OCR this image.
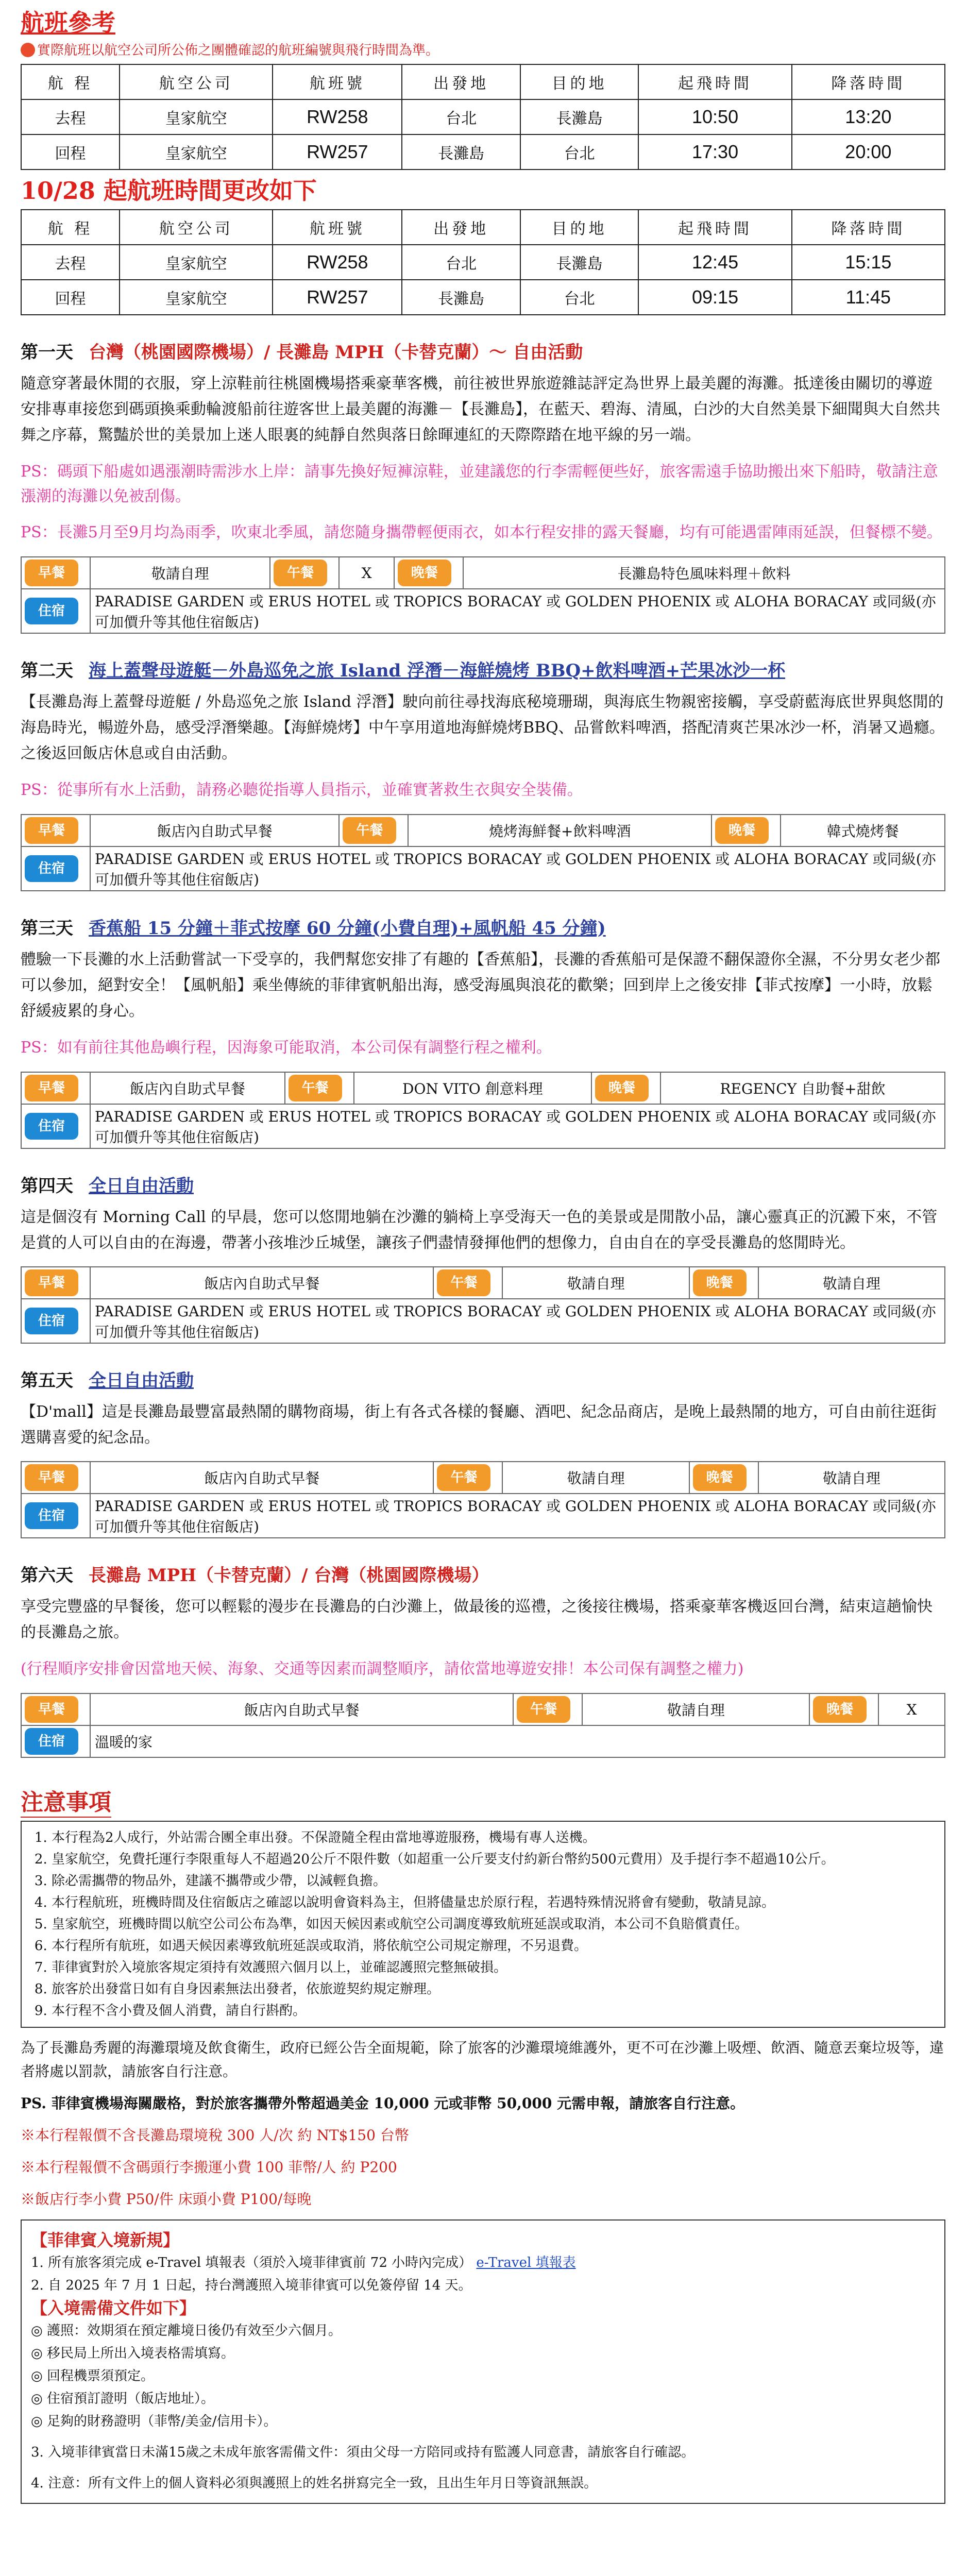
航班參考
實際航班以航空公司所公佈之團體確認的航班編號與飛行時間為準。
航 程	航空公司	航班號	出發地	目的地	起飛時間	降落時間
去程	皇家航空	RW258	台北	長灘島	10:50	13:20
回程	皇家航空	RW257	長灘島	台北	17:30	20:00
10/28 起航班時間更改如下
航 程	航空公司	航班號	出發地	目的地	起飛時間	降落時間
去程	皇家航空	RW258	台北	長灘島	12:45	15:15
回程	皇家航空	RW257	長灘島	台北	09:15	11:45
第一天 台灣（桃園國際機場）/ 長灘島 MPH（卡替克蘭）～ 自由活動

隨意穿著最休閒的衣服，穿上涼鞋前往桃園機場搭乘豪華客機，前往被世界旅遊雜誌評定為世界上最美麗的海灘。抵達後由關切的導遊安排專車接您到碼頭換乘動輪渡船前往遊客世上最美麗的海灘－【長灘島】，在藍天、碧海、清風，白沙的大自然美景下細聞與大自然共舞之序幕，驚豔於世的美景加上迷人眼裏的純靜自然與落日餘暉連紅的天際際踏在地平線的另一端。

PS：碼頭下船處如遇漲潮時需涉水上岸：請事先換好短褲涼鞋，並建議您的行李需輕便些好，旅客需遠手協助搬出來下船時，敬請注意漲潮的海灘以免被刮傷。

PS：長灘5月至9月均為雨季，吹東北季風，請您隨身攜帶輕便雨衣，如本行程安排的露天餐廳，均有可能遇雷陣雨延誤，但餐標不變。

早餐	敬請自理	午餐	X	晚餐	長灘島特色風味料理＋飲料
住宿	PARADISE GARDEN 或 ERUS HOTEL 或 TROPICS BORACAY 或 GOLDEN PHOENIX 或 ALOHA BORACAY 或同級(亦可加價升等其他住宿飯店)				
第二天 海上蓋聲母遊艇－外島巡免之旅 Island 浮潛－海鮮燒烤 BBQ+飲料啤酒+芒果冰沙一杯

【長灘島海上蓋聲母遊艇 / 外島巡免之旅 Island 浮潛】駛向前往尋找海底秘境珊瑚，與海底生物親密接觸，享受蔚藍海底世界與悠閒的海島時光，暢遊外島，感受浮潛樂趣。【海鮮燒烤】中午享用道地海鮮燒烤BBQ、品嘗飲料啤酒，搭配清爽芒果冰沙一杯，消暑又過癮。之後返回飯店休息或自由活動。

PS：從事所有水上活動，請務必聽從指導人員指示，並確實著救生衣與安全裝備。

早餐	飯店內自助式早餐	午餐	燒烤海鮮餐+飲料啤酒	晚餐	韓式燒烤餐
住宿	PARADISE GARDEN 或 ERUS HOTEL 或 TROPICS BORACAY 或 GOLDEN PHOENIX 或 ALOHA BORACAY 或同級(亦可加價升等其他住宿飯店)				
第三天 香蕉船 15 分鐘＋菲式按摩 60 分鐘(小費自理)+風帆船 45 分鐘)

體驗一下長灘的水上活動嘗試一下受享的，我們幫您安排了有趣的【香蕉船】，長灘的香蕉船可是保證不翻保證你全濕，不分男女老少都可以參加，絕對安全！【風帆船】乘坐傳統的菲律賓帆船出海，感受海風與浪花的歡樂；回到岸上之後安排【菲式按摩】一小時，放鬆舒緩疲累的身心。

PS：如有前往其他島嶼行程，因海象可能取消，本公司保有調整行程之權利。

早餐	飯店內自助式早餐	午餐	DON VITO 創意料理	晚餐	REGENCY 自助餐+甜飲
住宿	PARADISE GARDEN 或 ERUS HOTEL 或 TROPICS BORACAY 或 GOLDEN PHOENIX 或 ALOHA BORACAY 或同級(亦可加價升等其他住宿飯店)				
第四天 全日自由活動

這是個沒有 Morning Call 的早晨，您可以悠閒地躺在沙灘的躺椅上享受海天一色的美景或是閒散小品，讓心靈真正的沉澱下來，不管是賞的人可以自由的在海邊，帶著小孩堆沙丘城堡，讓孩子們盡情發揮他們的想像力，自由自在的享受長灘島的悠閒時光。

早餐	飯店內自助式早餐	午餐	敬請自理	晚餐	敬請自理
住宿	PARADISE GARDEN 或 ERUS HOTEL 或 TROPICS BORACAY 或 GOLDEN PHOENIX 或 ALOHA BORACAY 或同級(亦可加價升等其他住宿飯店)				
第五天 全日自由活動

【D'mall】這是長灘島最豐富最熱鬧的購物商場，街上有各式各樣的餐廳、酒吧、紀念品商店，是晚上最熱鬧的地方，可自由前往逛街選購喜愛的紀念品。

早餐	飯店內自助式早餐	午餐	敬請自理	晚餐	敬請自理
住宿	PARADISE GARDEN 或 ERUS HOTEL 或 TROPICS BORACAY 或 GOLDEN PHOENIX 或 ALOHA BORACAY 或同級(亦可加價升等其他住宿飯店)				
第六天 長灘島 MPH（卡替克蘭）/ 台灣（桃園國際機場）

享受完豐盛的早餐後，您可以輕鬆的漫步在長灘島的白沙灘上，做最後的巡禮，之後接往機場，搭乘豪華客機返回台灣，結束這趟愉快的長灘島之旅。

(行程順序安排會因當地天候、海象、交通等因素而調整順序，請依當地導遊安排！本公司保有調整之權力)

早餐	飯店內自助式早餐	午餐	敬請自理	晚餐	X
住宿	溫暖的家				
注意事項
1. 本行程為2人成行，外站需合團全車出發。不保證隨全程由當地導遊服務，機場有專人送機。
2. 皇家航空，免費托運行李限重每人不超過20公斤不限件數（如超重一公斤要支付約新台幣約500元費用）及手提行李不超過10公斤。
3. 除必需攜帶的物品外，建議不攜帶或少帶，以減輕負擔。
4. 本行程航班，班機時間及住宿飯店之確認以說明會資料為主，但將儘量忠於原行程，若遇特殊情況將會有變動，敬請見諒。
5. 皇家航空，班機時間以航空公司公布為準，如因天候因素或航空公司調度導致航班延誤或取消，本公司不負賠償責任。
6. 本行程所有航班，如遇天候因素導致航班延誤或取消，將依航空公司規定辦理，不另退費。
7. 菲律賓對於入境旅客規定須持有效護照六個月以上，並確認護照完整無破損。
8. 旅客於出發當日如有自身因素無法出發者，依旅遊契約規定辦理。
9. 本行程不含小費及個人消費，請自行斟酌。

為了長灘島秀麗的海灘環境及飲食衛生，政府已經公告全面規範，除了旅客的沙灘環境維護外，更不可在沙灘上吸煙、飲酒、隨意丟棄垃圾等，違者將處以罰款，請旅客自行注意。

PS. 菲律賓機場海關嚴格，對於旅客攜帶外幣超過美金 10,000 元或菲幣 50,000 元需申報，請旅客自行注意。

※本行程報價不含長灘島環境稅 300 人/次 約 NT$150 台幣
※本行程報價不含碼頭行李搬運小費 100 菲幣/人 約 P200
※飯店行李小費 P50/件 床頭小費 P100/每晚
【菲律賓入境新規】
1. 所有旅客須完成 e-Travel 填報表（須於入境菲律賓前 72 小時內完成） e-Travel 填報表
2. 自 2025 年 7 月 1 日起，持台灣護照入境菲律賓可以免簽停留 14 天。
【入境需備文件如下】
◎ 護照：效期須在預定離境日後仍有效至少六個月。
◎ 移民局上所出入境表格需填寫。
◎ 回程機票須預定。
◎ 住宿預訂證明（飯店地址）。
◎ 足夠的財務證明（菲幣/美金/信用卡）。
3. 入境菲律賓當日未滿15歲之未成年旅客需備文件：須由父母一方陪同或持有監護人同意書，請旅客自行確認。
4. 注意：所有文件上的個人資料必須與護照上的姓名拼寫完全一致，且出生年月日等資訊無誤。
